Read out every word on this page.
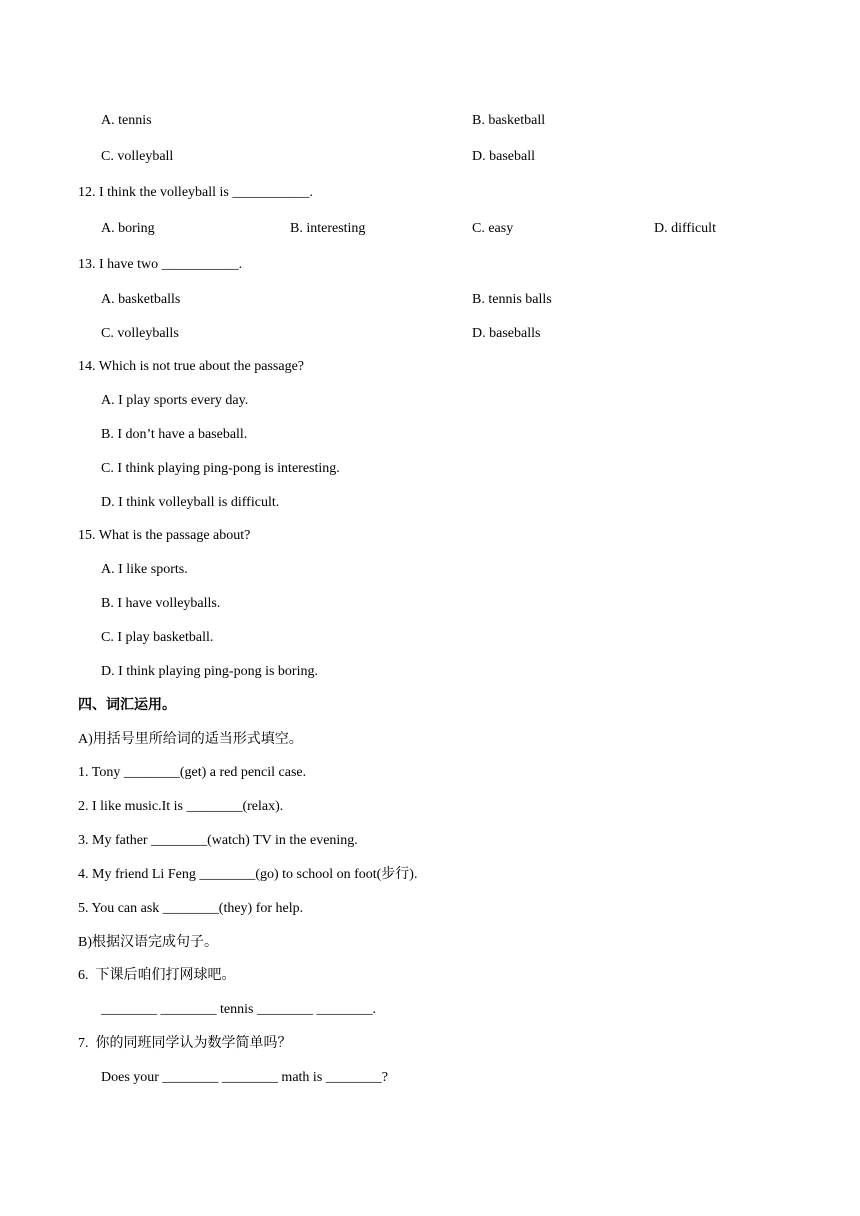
A. tennis	B. basketball
C. volleyball	D. baseball
12. I think the volleyball is ___________.
A. boring	B. interesting	C. easy	D. difficult
13. I have two ___________.
A. basketballs	B. tennis balls
C. volleyballs	D. baseballs
14. Which is not true about the passage?
A. I play sports every day.
B. I don’t have a baseball.
C. I think playing ping-pong is interesting.
D. I think volleyball is difficult.
15. What is the passage about?
A. I like sports.
B. I have volleyballs.
C. I play basketball.
D. I think playing ping-pong is boring.
四、词汇运用。
A)用括号里所给词的适当形式填空。
1. Tony ________(get) a red pencil case.
2. I like music.It is ________(relax).
3. My father ________(watch) TV in the evening.
4. My friend Li Feng ________(go) to school on foot(步行).
5. You can ask ________(they) for help.
B)根据汉语完成句子。
6.  下课后咱们打网球吧。
________ ________ tennis ________ ________.
7.  你的同班同学认为数学简单吗？
Does your ________ ________ math is ________?
